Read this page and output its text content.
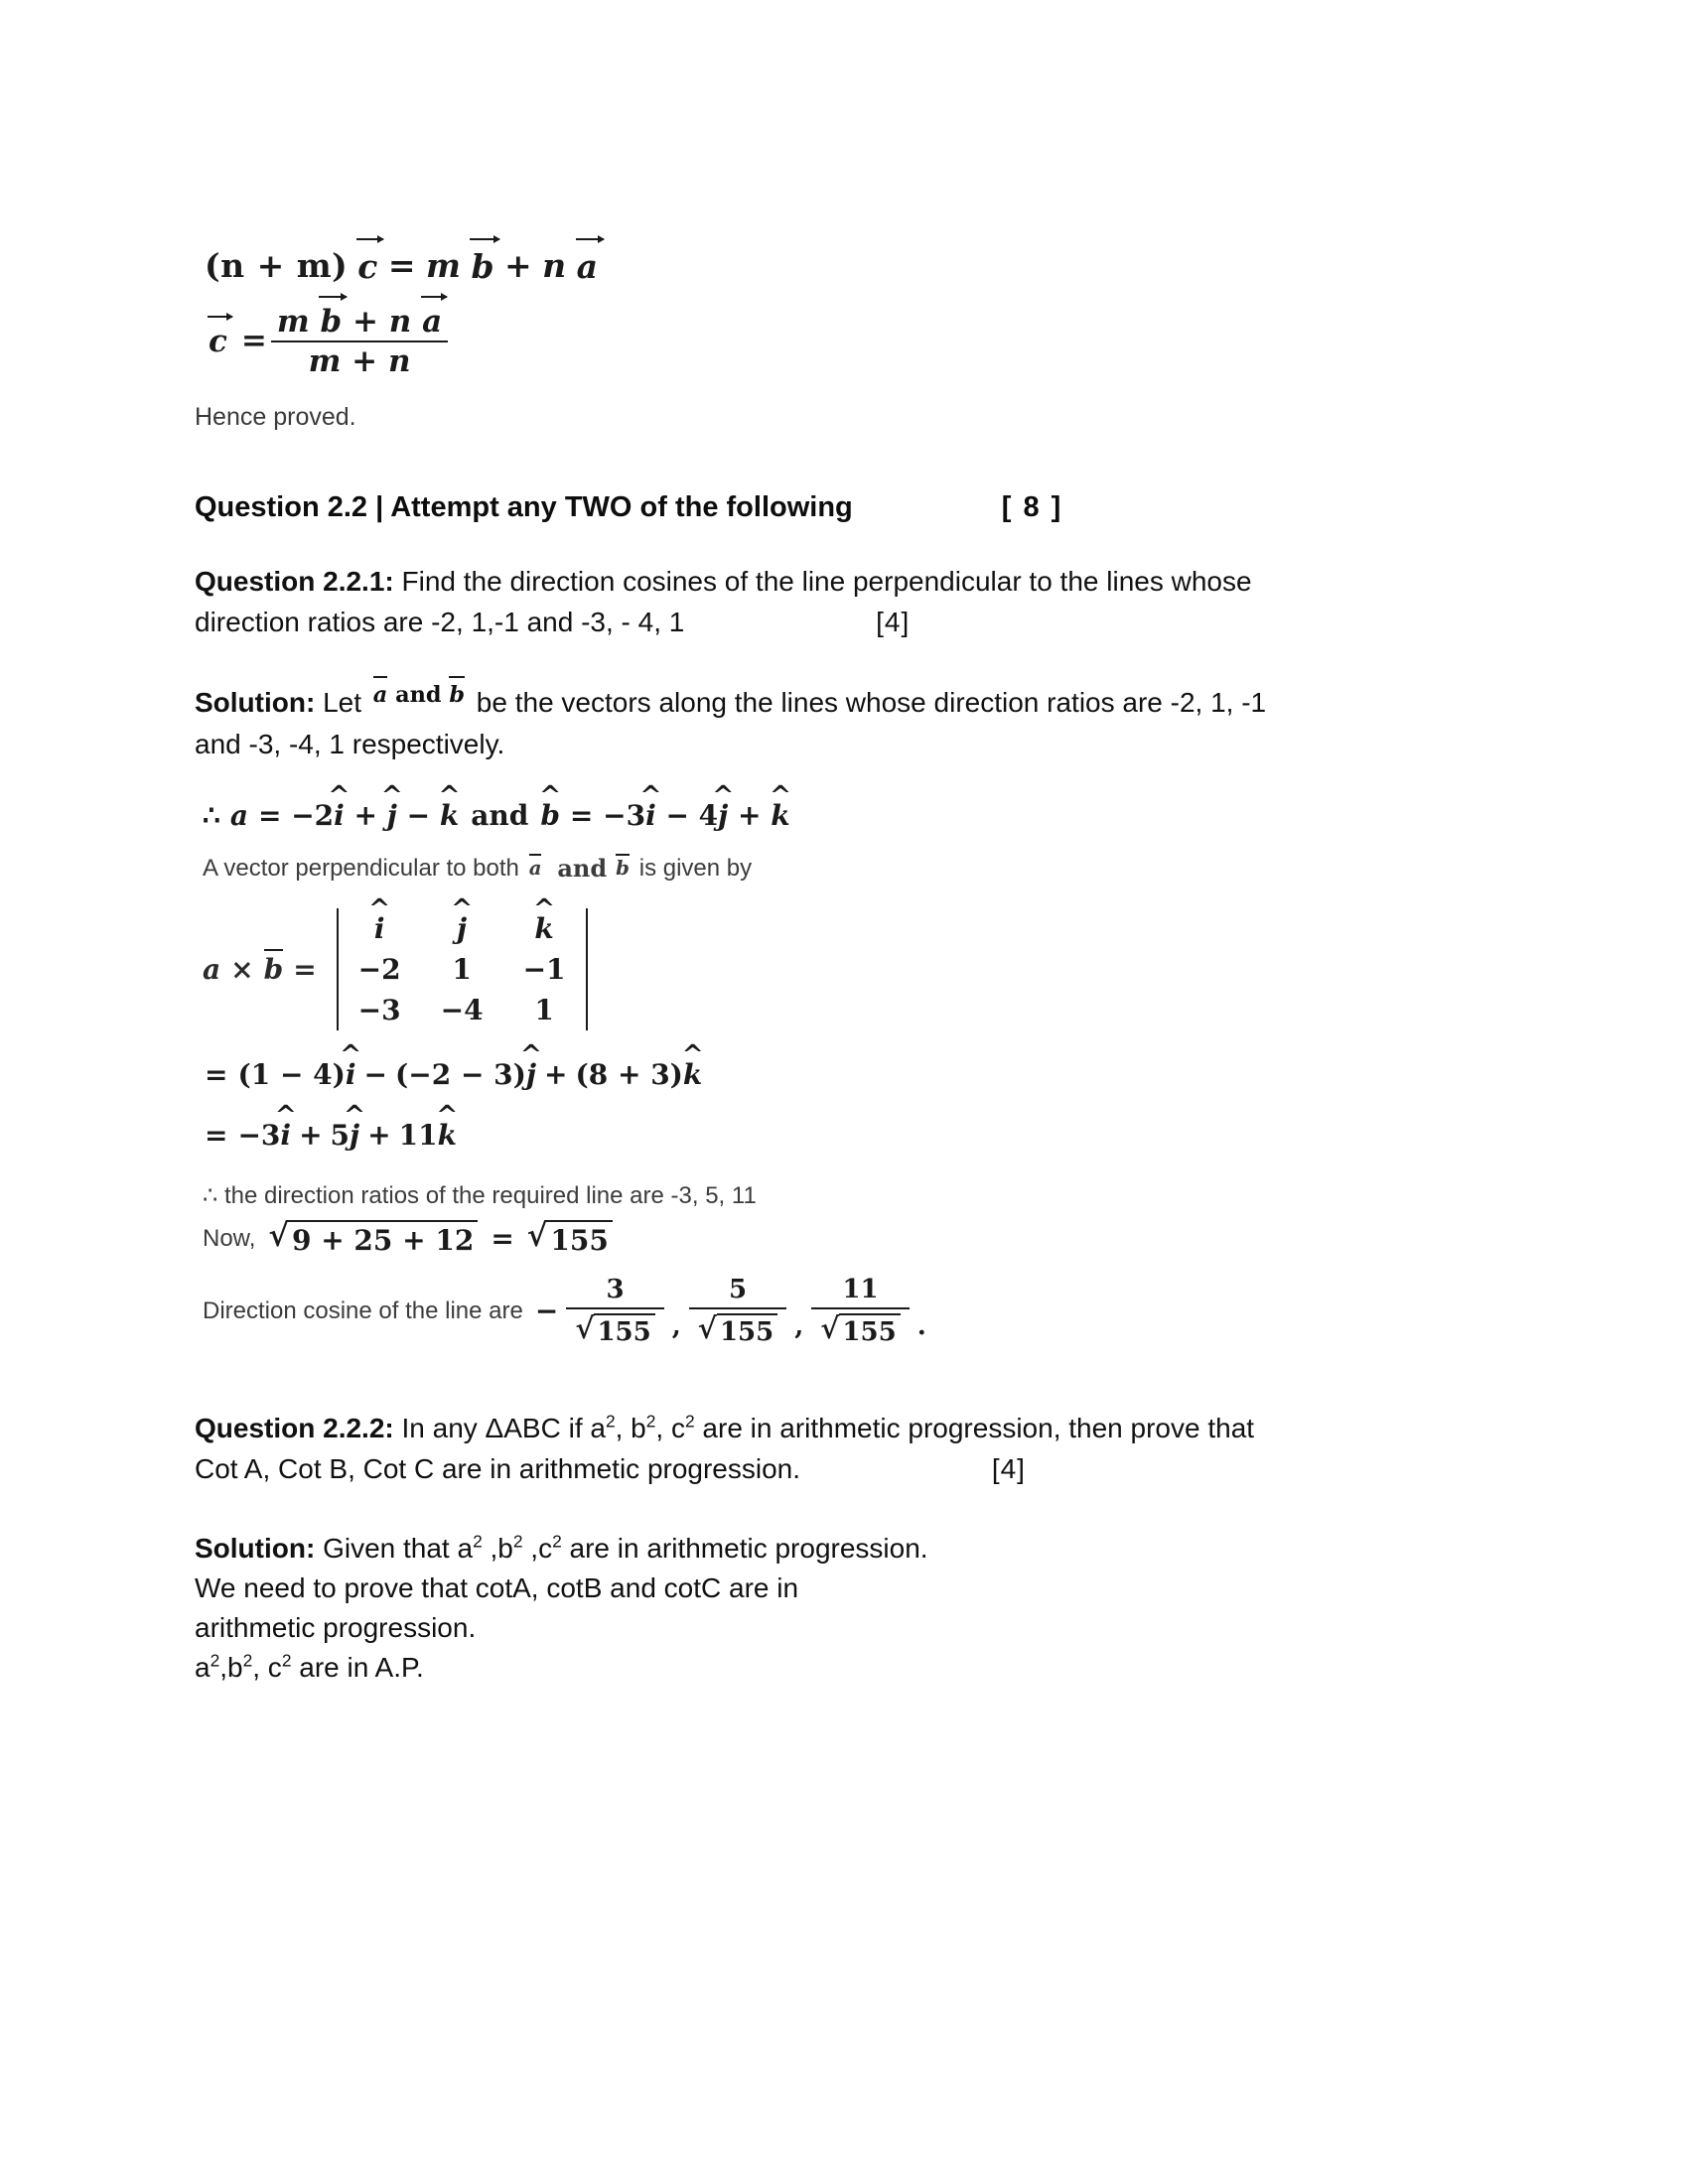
(n + m) c = m b + n a
c =
m b + n a
m + n
Hence proved.
Question 2.2 | Attempt any TWO of the following	[ 8 ]
Question 2.2.1: Find the direction cosines of the line perpendicular to the lines whose
direction ratios are -2, 1,-1 and -3, - 4, 1	[4]
Solution: Let $^{a and b}$ be the vectors along the lines whose direction ratios are -2, 1, -1
and -3, -4, 1 respectively.
∴ a = −2i ^ + j ^ − k ^ and b ^ = −3i ^ − 4j ^ + k ^
A vector perpendicular to both a and b is given by
a × b =
i ^	j ^	k ^
−2	1	−1
−3	−4	1
= (1 − 4)i ^ − (−2 − 3)j ^ + (8 + 3)k ^
= −3i ^ + 5j ^ + 11k ^
∴ the direction ratios of the required line are -3, 5, 11
Now, √ 9 + 25 + 12 = √ 155
Direction cosine of the line are − $\frac{3}{√ 155}$ , $\frac{5}{√ 155}$ , $\frac{11}{√ 155}$ .
Question 2.2.2: In any ΔABC if $a^2$, $b^2$, $c^2$ are in arithmetic progression, then prove that
Cot A, Cot B, Cot C are in arithmetic progression.	[4]
Solution: Given that $a^2$ $,b^2$ $,c^2$ are in arithmetic progression.
We need to prove that cotA, cotB and cotC are in
arithmetic progression.
$a^2,b^2$, $c^2$ are in A.P.
